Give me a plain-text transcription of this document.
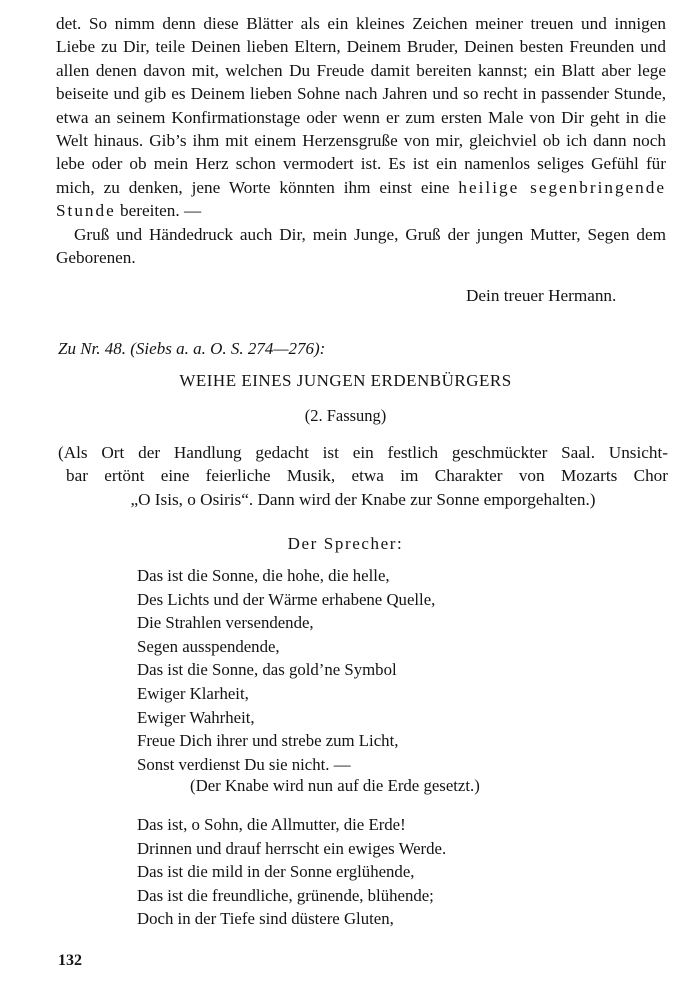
det. So nimm denn diese Blätter als ein kleines Zeichen meiner treuen und innigen Liebe zu Dir, teile Deinen lieben Eltern, Deinem Bruder, Deinen besten Freunden und allen denen davon mit, welchen Du Freude damit bereiten kannst; ein Blatt aber lege beiseite und gib es Deinem lieben Sohne nach Jahren und so recht in passender Stunde, etwa an seinem Konfirmationstage oder wenn er zum ersten Male von Dir geht in die Welt hinaus. Gib’s ihm mit einem Herzensgruße von mir, gleichviel ob ich dann noch lebe oder ob mein Herz schon vermodert ist. Es ist ein namenlos seliges Gefühl für mich, zu denken, jene Worte könnten ihm einst eine heilige segenbringende Stunde bereiten. —

Gruß und Händedruck auch Dir, mein Junge, Gruß der jungen Mutter, Segen dem Geborenen.

Dein treuer Hermann.
Zu Nr. 48. (Siebs a. a. O. S. 274—276):
WEIHE EINES JUNGEN ERDENBÜRGERS
(2. Fassung)
(Als Ort der Handlung gedacht ist ein festlich geschmückter Saal. Unsicht-
bar ertönt eine feierliche Musik, etwa im Charakter von Mozarts Chor
„O Isis, o Osiris“. Dann wird der Knabe zur Sonne emporgehalten.)
Der Sprecher:
Das ist die Sonne, die hohe, die helle,
Des Lichts und der Wärme erhabene Quelle,
Die Strahlen versendende,
Segen ausspendende,
Das ist die Sonne, das gold’ne Symbol
Ewiger Klarheit,
Ewiger Wahrheit,
Freue Dich ihrer und strebe zum Licht,
Sonst verdienst Du sie nicht. —
(Der Knabe wird nun auf die Erde gesetzt.)
Das ist, o Sohn, die Allmutter, die Erde!
Drinnen und drauf herrscht ein ewiges Werde.
Das ist die mild in der Sonne erglühende,
Das ist die freundliche, grünende, blühende;
Doch in der Tiefe sind düstere Gluten,
132
